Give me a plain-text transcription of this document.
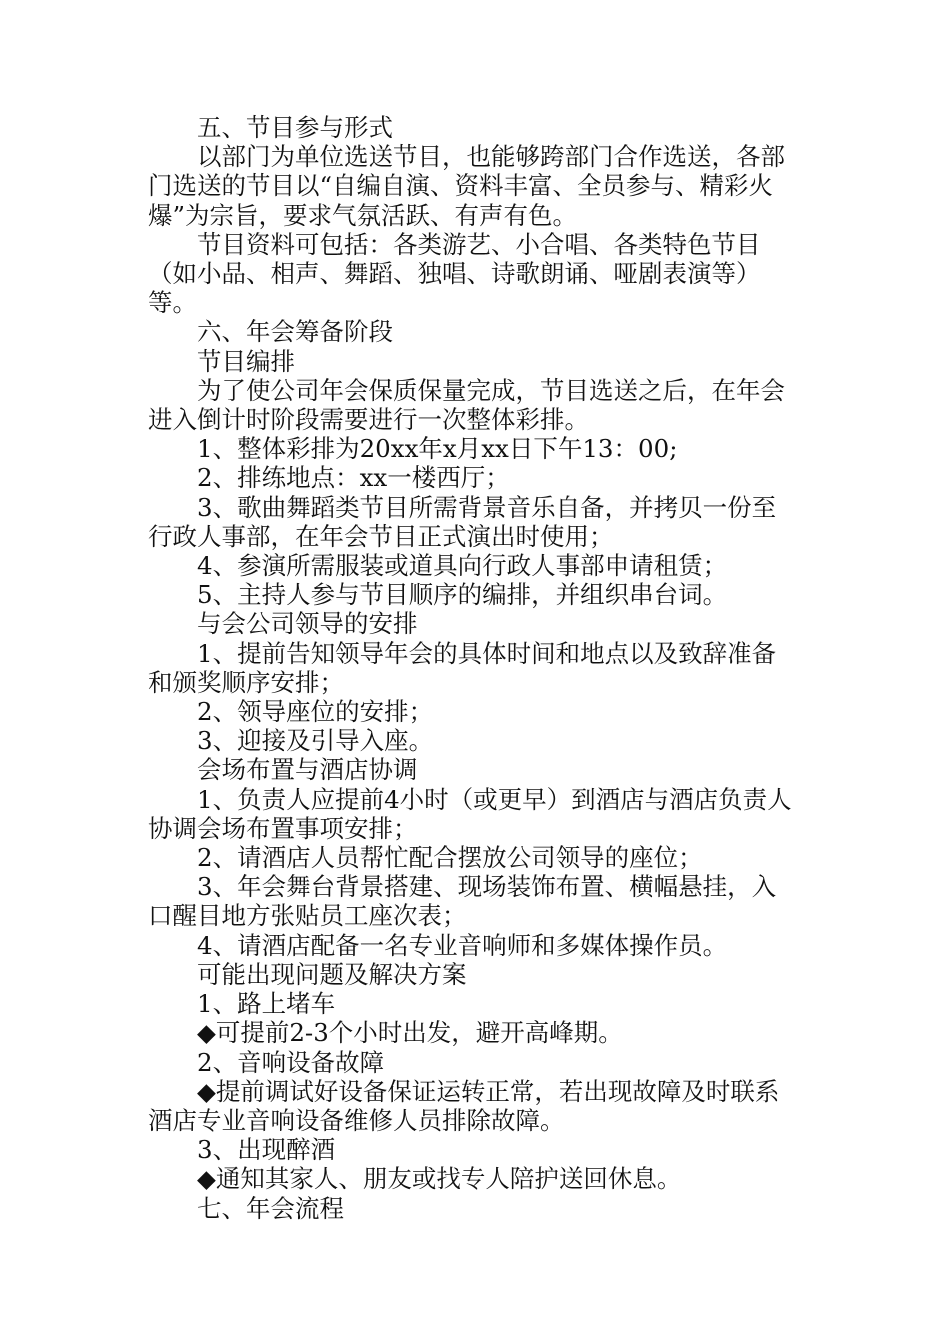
五、节目参与形式

以部门为单位选送节目，也能够跨部门合作选送，各部门选送的节目以“自编自演、资料丰富、全员参与、精彩火爆”为宗旨，要求气氛活跃、有声有色。

节目资料可包括：各类游艺、小合唱、各类特色节目（如小品、相声、舞蹈、独唱、诗歌朗诵、哑剧表演等）等。

六、年会筹备阶段

节目编排

为了使公司年会保质保量完成，节目选送之后，在年会进入倒计时阶段需要进行一次整体彩排。

1、整体彩排为20xx年x月xx日下午13：00;

2、排练地点：xx一楼西厅；

3、歌曲舞蹈类节目所需背景音乐自备，并拷贝一份至行政人事部，在年会节目正式演出时使用；

4、参演所需服装或道具向行政人事部申请租赁；

5、主持人参与节目顺序的编排，并组织串台词。

与会公司领导的安排

1、提前告知领导年会的具体时间和地点以及致辞准备和颁奖顺序安排；

2、领导座位的安排；

3、迎接及引导入座。

会场布置与酒店协调

1、负责人应提前4小时（或更早）到酒店与酒店负责人协调会场布置事项安排；

2、请酒店人员帮忙配合摆放公司领导的座位；

3、年会舞台背景搭建、现场装饰布置、横幅悬挂，入口醒目地方张贴员工座次表；

4、请酒店配备一名专业音响师和多媒体操作员。

可能出现问题及解决方案

1、路上堵车

◆可提前2-3个小时出发，避开高峰期。

2、音响设备故障

◆提前调试好设备保证运转正常，若出现故障及时联系酒店专业音响设备维修人员排除故障。

3、出现醉酒

◆通知其家人、朋友或找专人陪护送回休息。

七、年会流程
